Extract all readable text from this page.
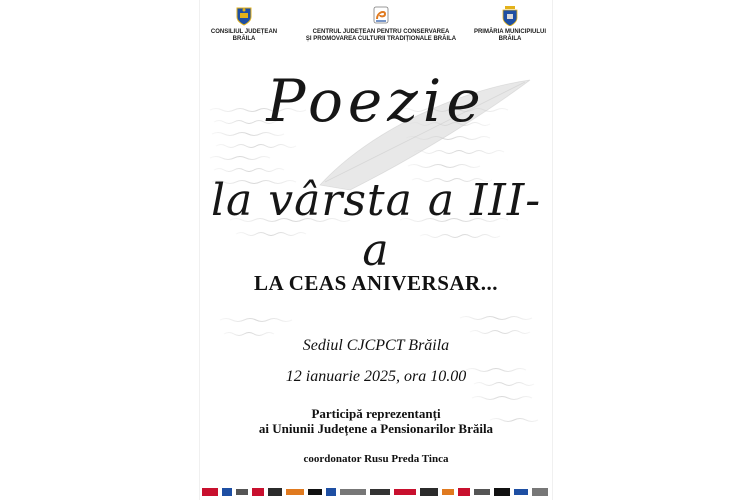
CONSILIUL JUDEȚEAN
BRĂILA
CENTRUL JUDEȚEAN PENTRU CONSERVAREA
ȘI PROMOVAREA CULTURII TRADIȚIONALE BRĂILA
PRIMĂRIA MUNICIPIULUI
BRĂILA
Poezie
la vârsta a III-a
LA CEAS ANIVERSAR...
Sediul CJCPCT Brăila
12 ianuarie 2025, ora 10.00
Participă reprezentanți
ai Uniunii Județene a Pensionarilor Brăila
coordonator Rusu Preda Tinca
